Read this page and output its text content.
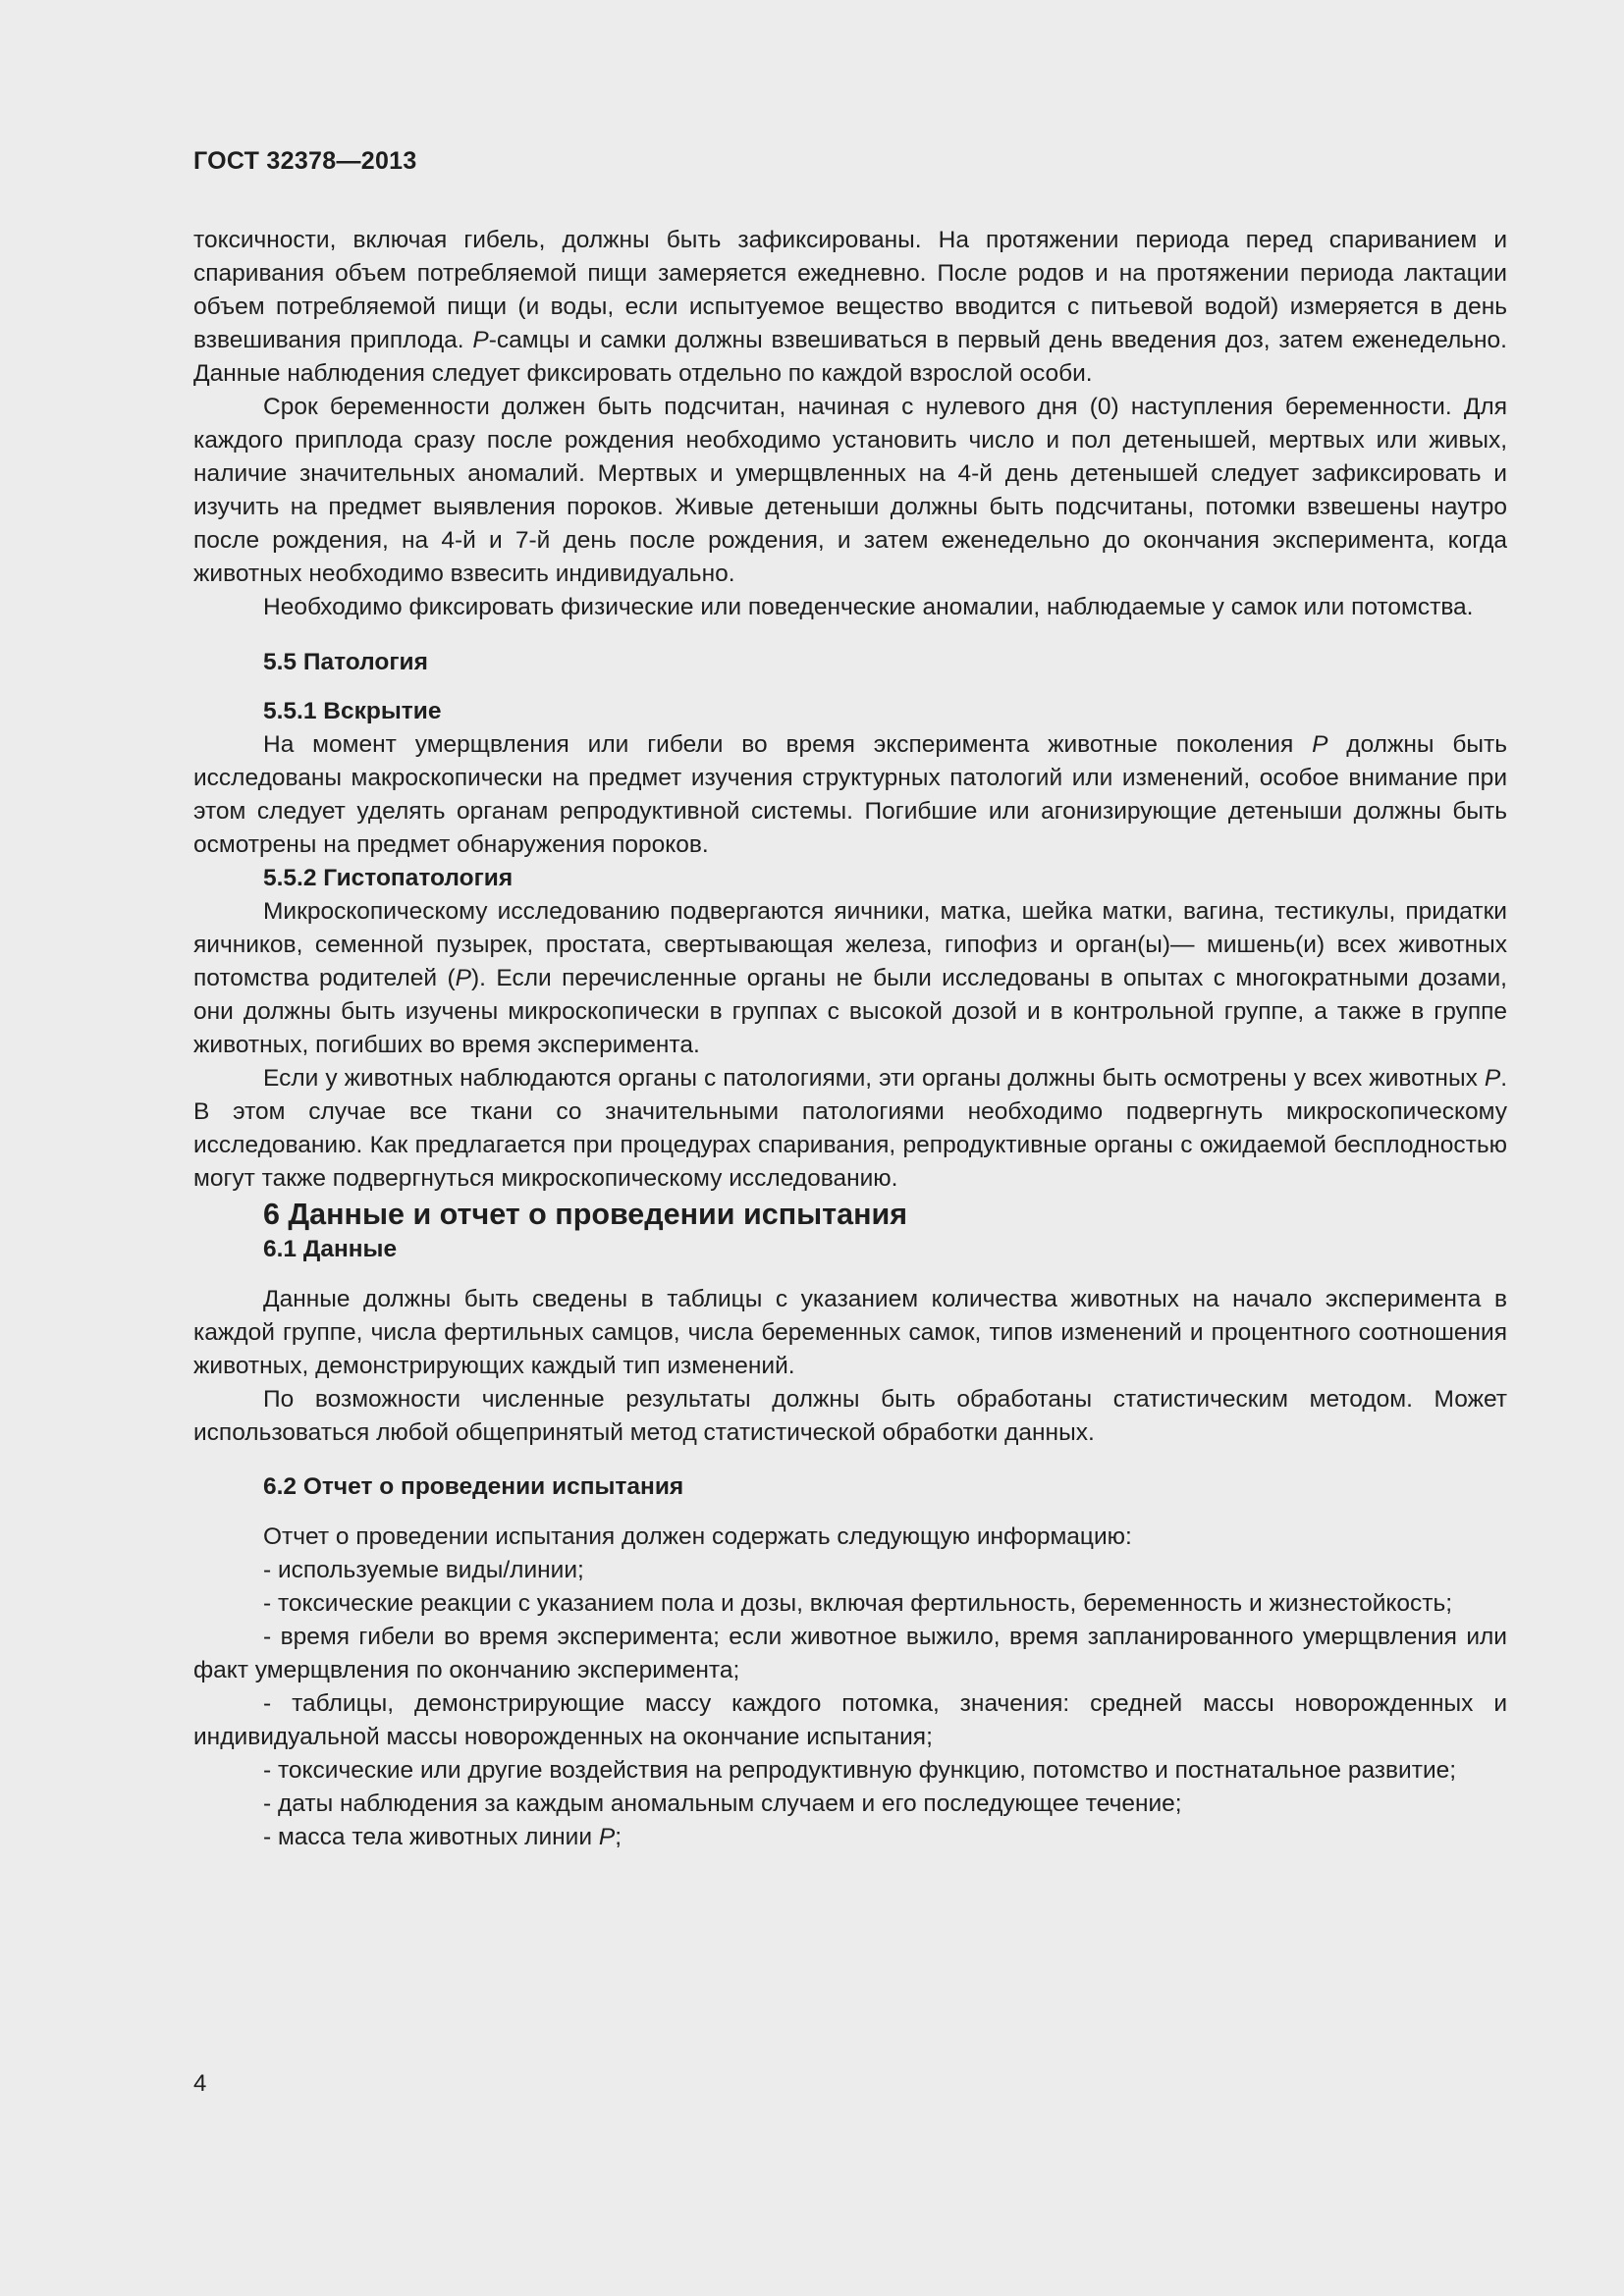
ГОСТ 32378—2013

токсичности, включая гибель, должны быть зафиксированы. На протяжении периода перед спариванием и спаривания объем потребляемой пищи замеряется ежедневно. После родов и на протяжении периода лактации объем потребляемой пищи (и воды, если испытуемое вещество вводится с питьевой водой) измеряется в день взвешивания приплода. P-самцы и самки должны взвешиваться в первый день введения доз, затем еженедельно. Данные наблюдения следует фиксировать отдельно по каждой взрослой особи.

Срок беременности должен быть подсчитан, начиная с нулевого дня (0) наступления беременности. Для каждого приплода сразу после рождения необходимо установить число и пол детенышей, мертвых или живых, наличие значительных аномалий. Мертвых и умерщвленных на 4-й день детенышей следует зафиксировать и изучить на предмет выявления пороков. Живые детеныши должны быть подсчитаны, потомки взвешены наутро после рождения, на 4-й и 7-й день после рождения, и затем еженедельно до окончания эксперимента, когда животных необходимо взвесить индивидуально.

Необходимо фиксировать физические или поведенческие аномалии, наблюдаемые у самок или потомства.

5.5 Патология

5.5.1 Вскрытие

На момент умерщвления или гибели во время эксперимента животные поколения P должны быть исследованы макроскопически на предмет изучения структурных патологий или изменений, особое внимание при этом следует уделять органам репродуктивной системы. Погибшие или агонизирующие детеныши должны быть осмотрены на предмет обнаружения пороков.

5.5.2 Гистопатология

Микроскопическому исследованию подвергаются яичники, матка, шейка матки, вагина, тестикулы, придатки яичников, семенной пузырек, простата, свертывающая железа, гипофиз и орган(ы)— мишень(и) всех животных потомства родителей (P). Если перечисленные органы не были исследованы в опытах с многократными дозами, они должны быть изучены микроскопически в группах с высокой дозой и в контрольной группе, а также в группе животных, погибших во время эксперимента.

Если у животных наблюдаются органы с патологиями, эти органы должны быть осмотрены у всех животных P. В этом случае все ткани со значительными патологиями необходимо подвергнуть микроскопическому исследованию. Как предлагается при процедурах спаривания, репродуктивные органы с ожидаемой бесплодностью могут также подвергнуться микроскопическому исследованию.

6 Данные и отчет о проведении испытания

6.1 Данные

Данные должны быть сведены в таблицы с указанием количества животных на начало эксперимента в каждой группе, числа фертильных самцов, числа беременных самок, типов изменений и процентного соотношения животных, демонстрирующих каждый тип изменений.

По возможности численные результаты должны быть обработаны статистическим методом. Может использоваться любой общепринятый метод статистической обработки данных.

6.2 Отчет о проведении испытания

Отчет о проведении испытания должен содержать следующую информацию:

- используемые виды/линии;

- токсические реакции с указанием пола и дозы, включая фертильность, беременность и жизнестойкость;

- время гибели во время эксперимента; если животное выжило, время запланированного умерщвления или факт умерщвления по окончанию эксперимента;

- таблицы, демонстрирующие массу каждого потомка, значения: средней массы новорожденных и индивидуальной массы новорожденных на окончание испытания;

- токсические или другие воздействия на репродуктивную функцию, потомство и постнатальное развитие;

- даты наблюдения за каждым аномальным случаем и его последующее течение;

- масса тела животных линии P;

4
